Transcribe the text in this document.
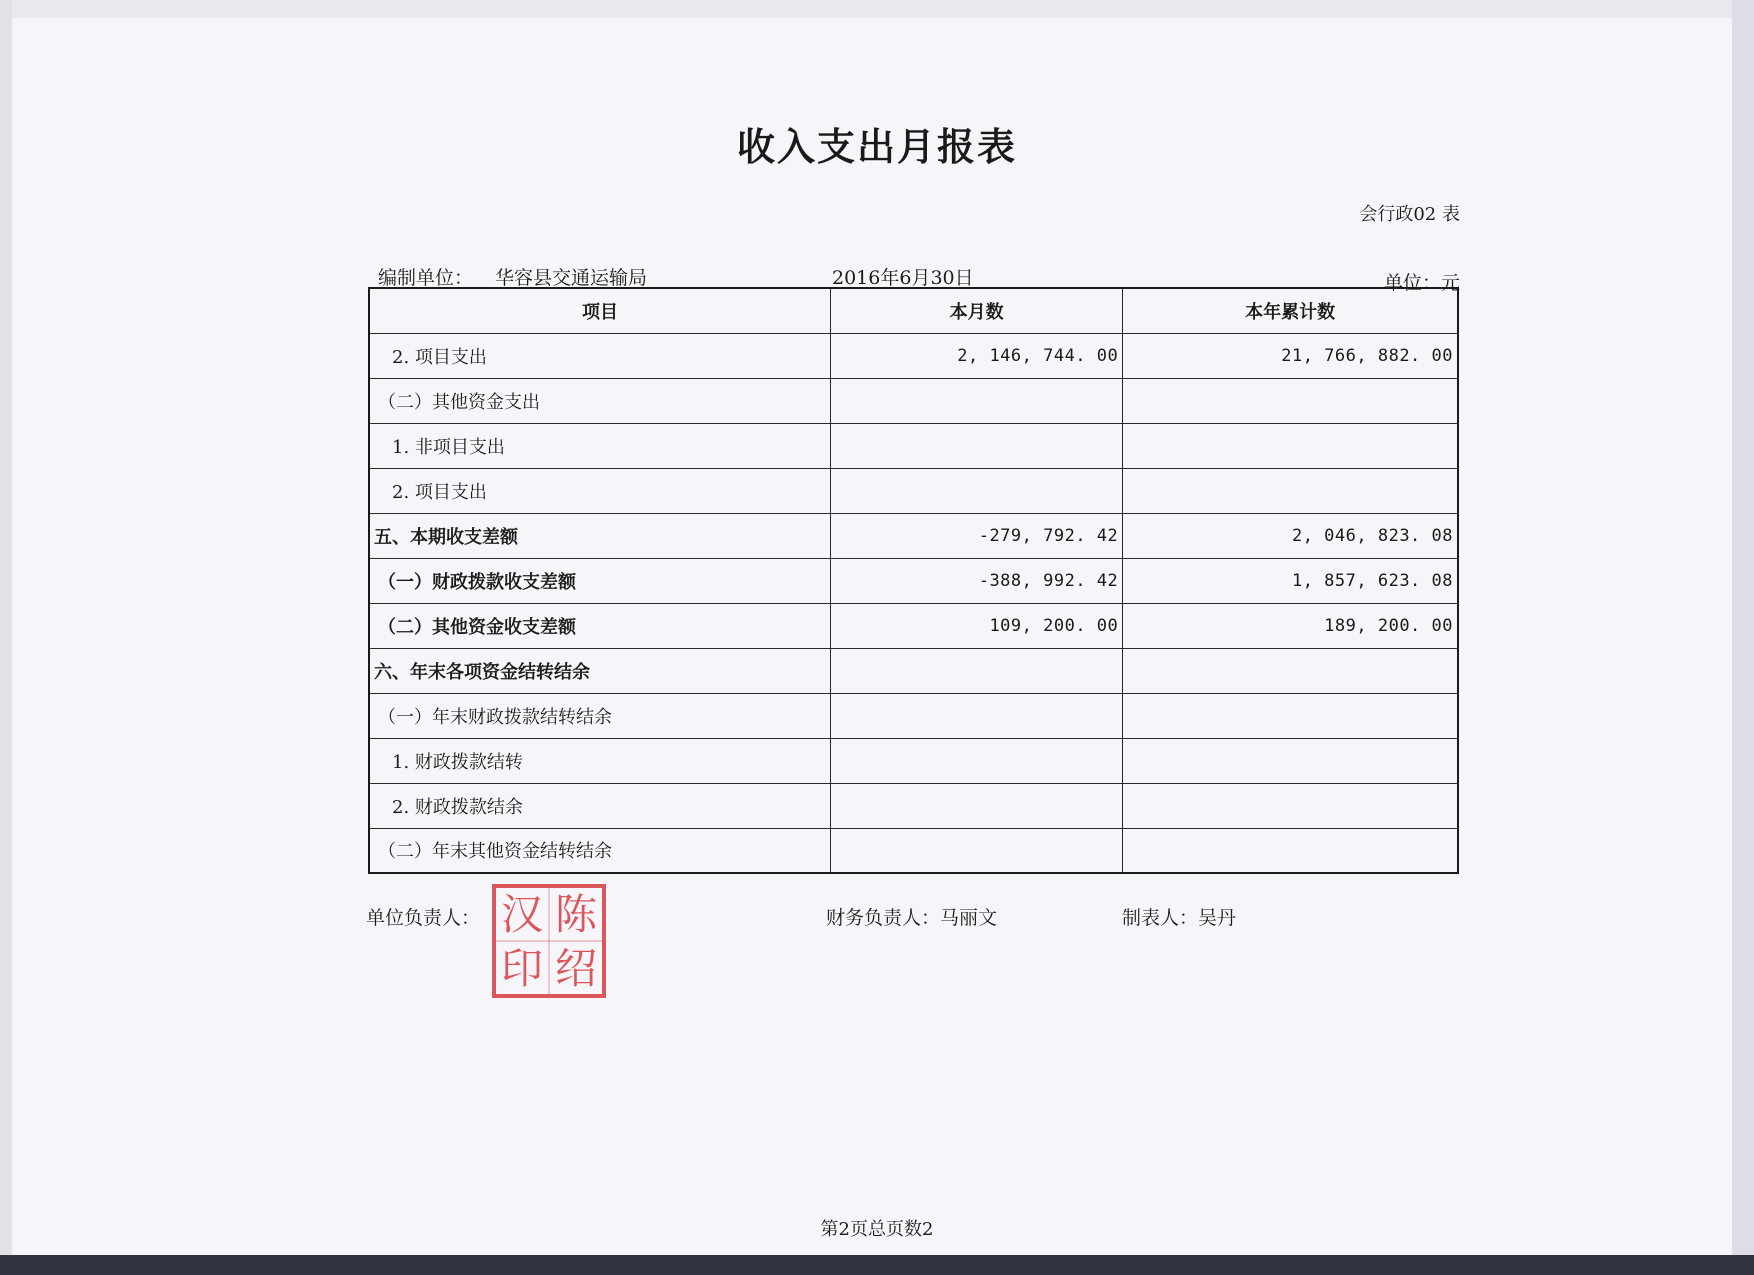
收入支出月报表
会行政02 表
编制单位： 华容县交通运输局	2016年6月30日	单位：元
项目	本月数	本年累计数
2. 项目支出	2, 146, 744. 00	21, 766, 882. 00
（二）其他资金支出		
1. 非项目支出		
2. 项目支出		
五、本期收支差额	-279, 792. 42	2, 046, 823. 08
（一）财政拨款收支差额	-388, 992. 42	1, 857, 623. 08
（二）其他资金收支差额	109, 200. 00	189, 200. 00
六、年末各项资金结转结余		
（一）年末财政拨款结转结余		
1. 财政拨款结转		
2. 财政拨款结余		
（二）年末其他资金结转结余		
单位负责人：	财务负责人：马丽文	制表人：吴丹
汉 陈
印 绍
第2页总页数2
